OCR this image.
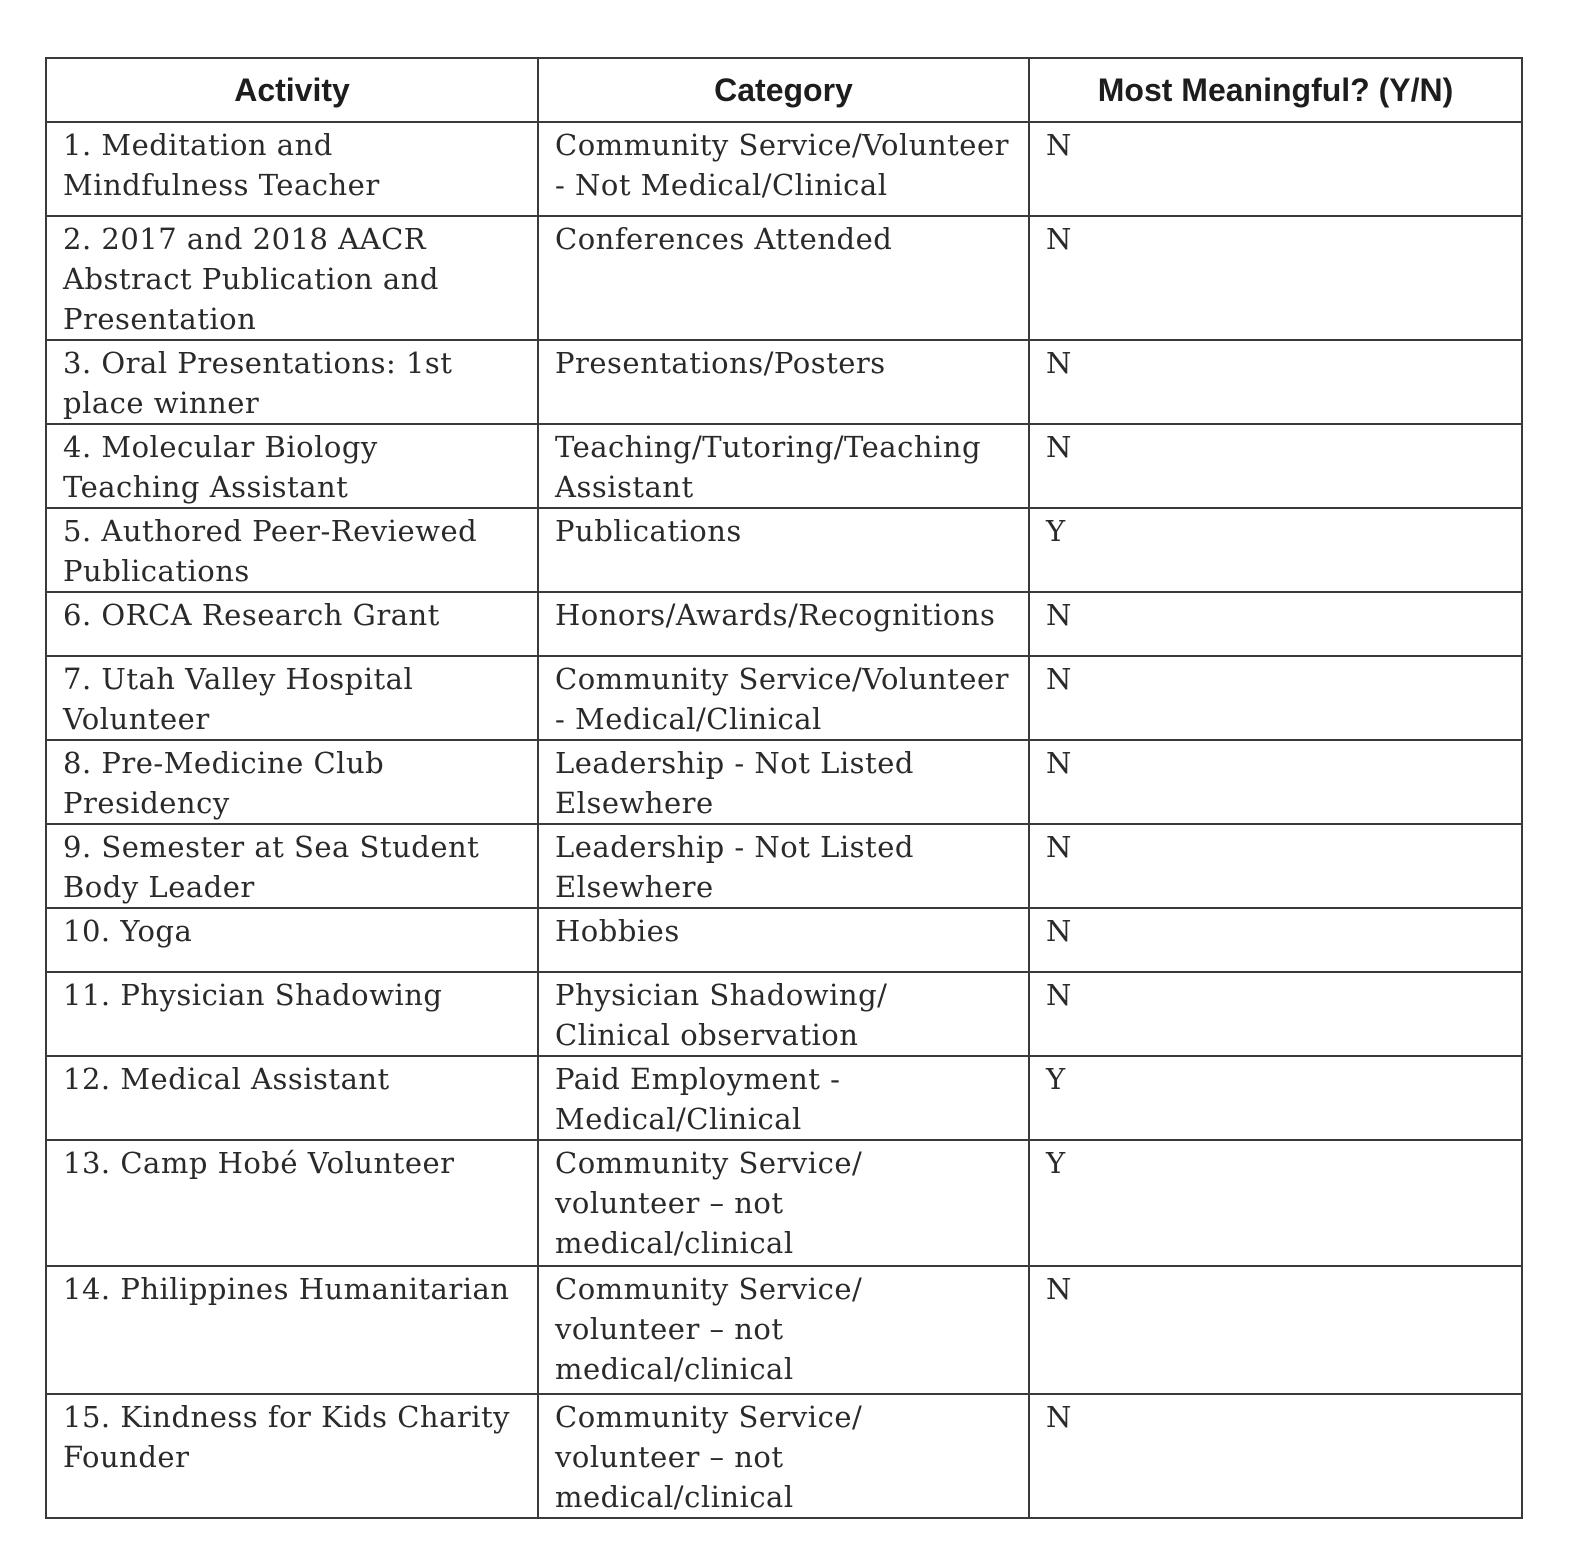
Activity	Category	Most Meaningful? (Y/N)
1. Meditation and Mindfulness Teacher	Community Service/Volunteer - Not Medical/Clinical	N
2. 2017 and 2018 AACR Abstract Publication and Presentation	Conferences Attended	N
3. Oral Presentations: 1st place winner	Presentations/Posters	N
4. Molecular Biology Teaching Assistant	Teaching/Tutoring/Teaching Assistant	N
5. Authored Peer-Reviewed Publications	Publications	Y
6. ORCA Research Grant	Honors/Awards/Recognitions	N
7. Utah Valley Hospital Volunteer	Community Service/Volunteer - Medical/Clinical	N
8. Pre-Medicine Club Presidency	Leadership - Not Listed Elsewhere	N
9. Semester at Sea Student Body Leader	Leadership - Not Listed Elsewhere	N
10. Yoga	Hobbies	N
11. Physician Shadowing	Physician Shadowing/ Clinical observation	N
12. Medical Assistant	Paid Employment - Medical/Clinical	Y
13. Camp Hobé Volunteer	Community Service/ volunteer – not medical/clinical	Y
14. Philippines Humanitarian	Community Service/ volunteer – not medical/clinical	N
15. Kindness for Kids Charity Founder	Community Service/ volunteer – not medical/clinical	N
